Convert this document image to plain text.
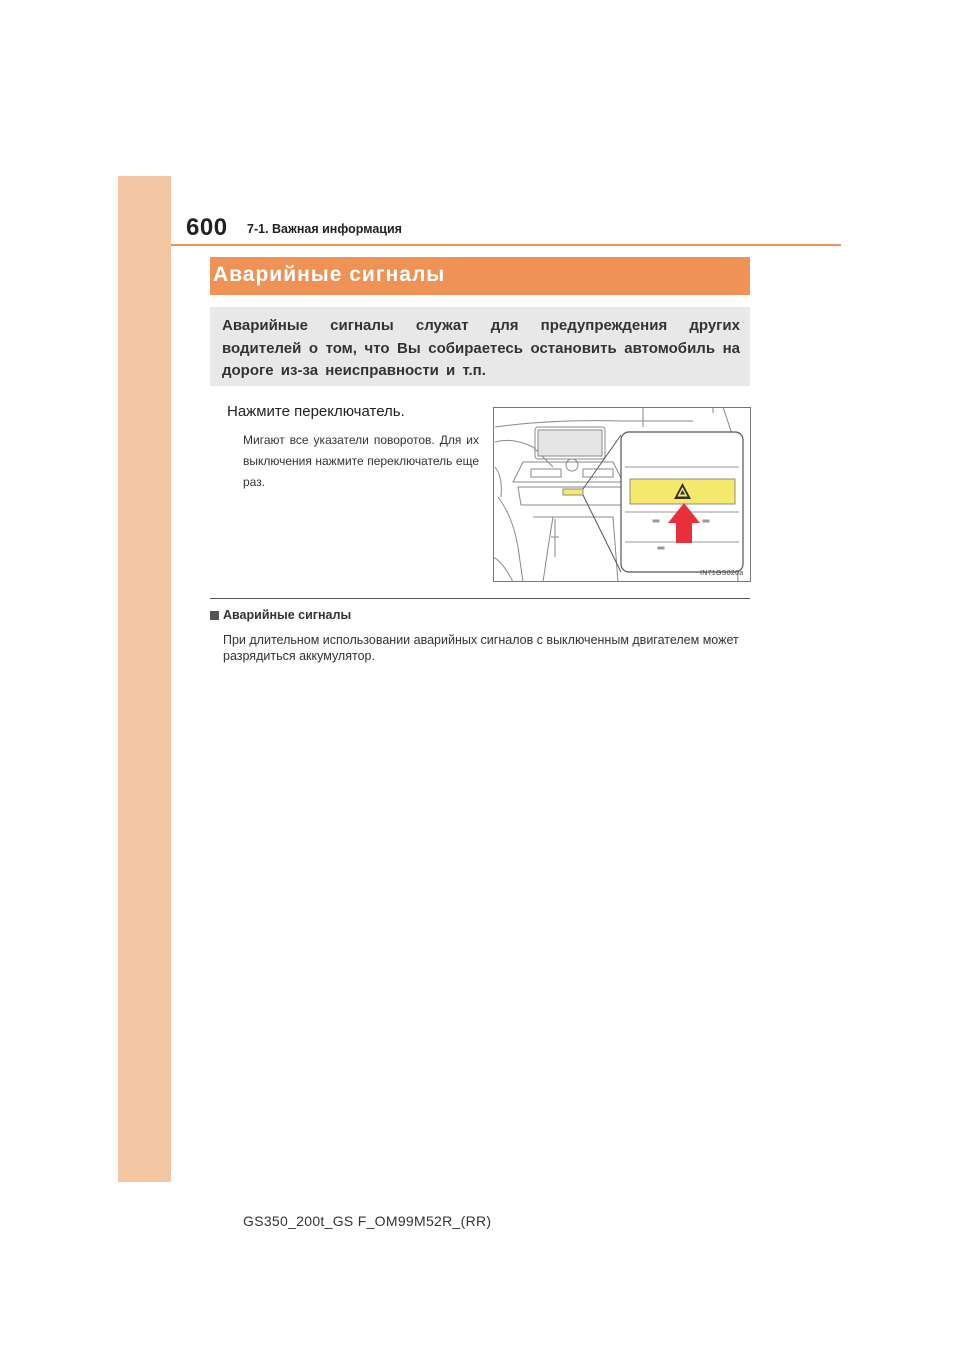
600 7-1. Важная информация
Аварийные сигналы
Аварийные сигналы служат для предупреждения других водителей о том, что Вы собираетесь остановить автомобиль на дороге из-за неисправности и т.п.
Нажмите переключатель.
Мигают все указатели поворотов. Для их выключения нажмите переключатель еще раз.
IN71GS020a
Аварийные сигналы
При длительном использовании аварийных сигналов с выключенным двигателем может разрядиться аккумулятор.
GS350_200t_GS F_OM99M52R_(RR)
